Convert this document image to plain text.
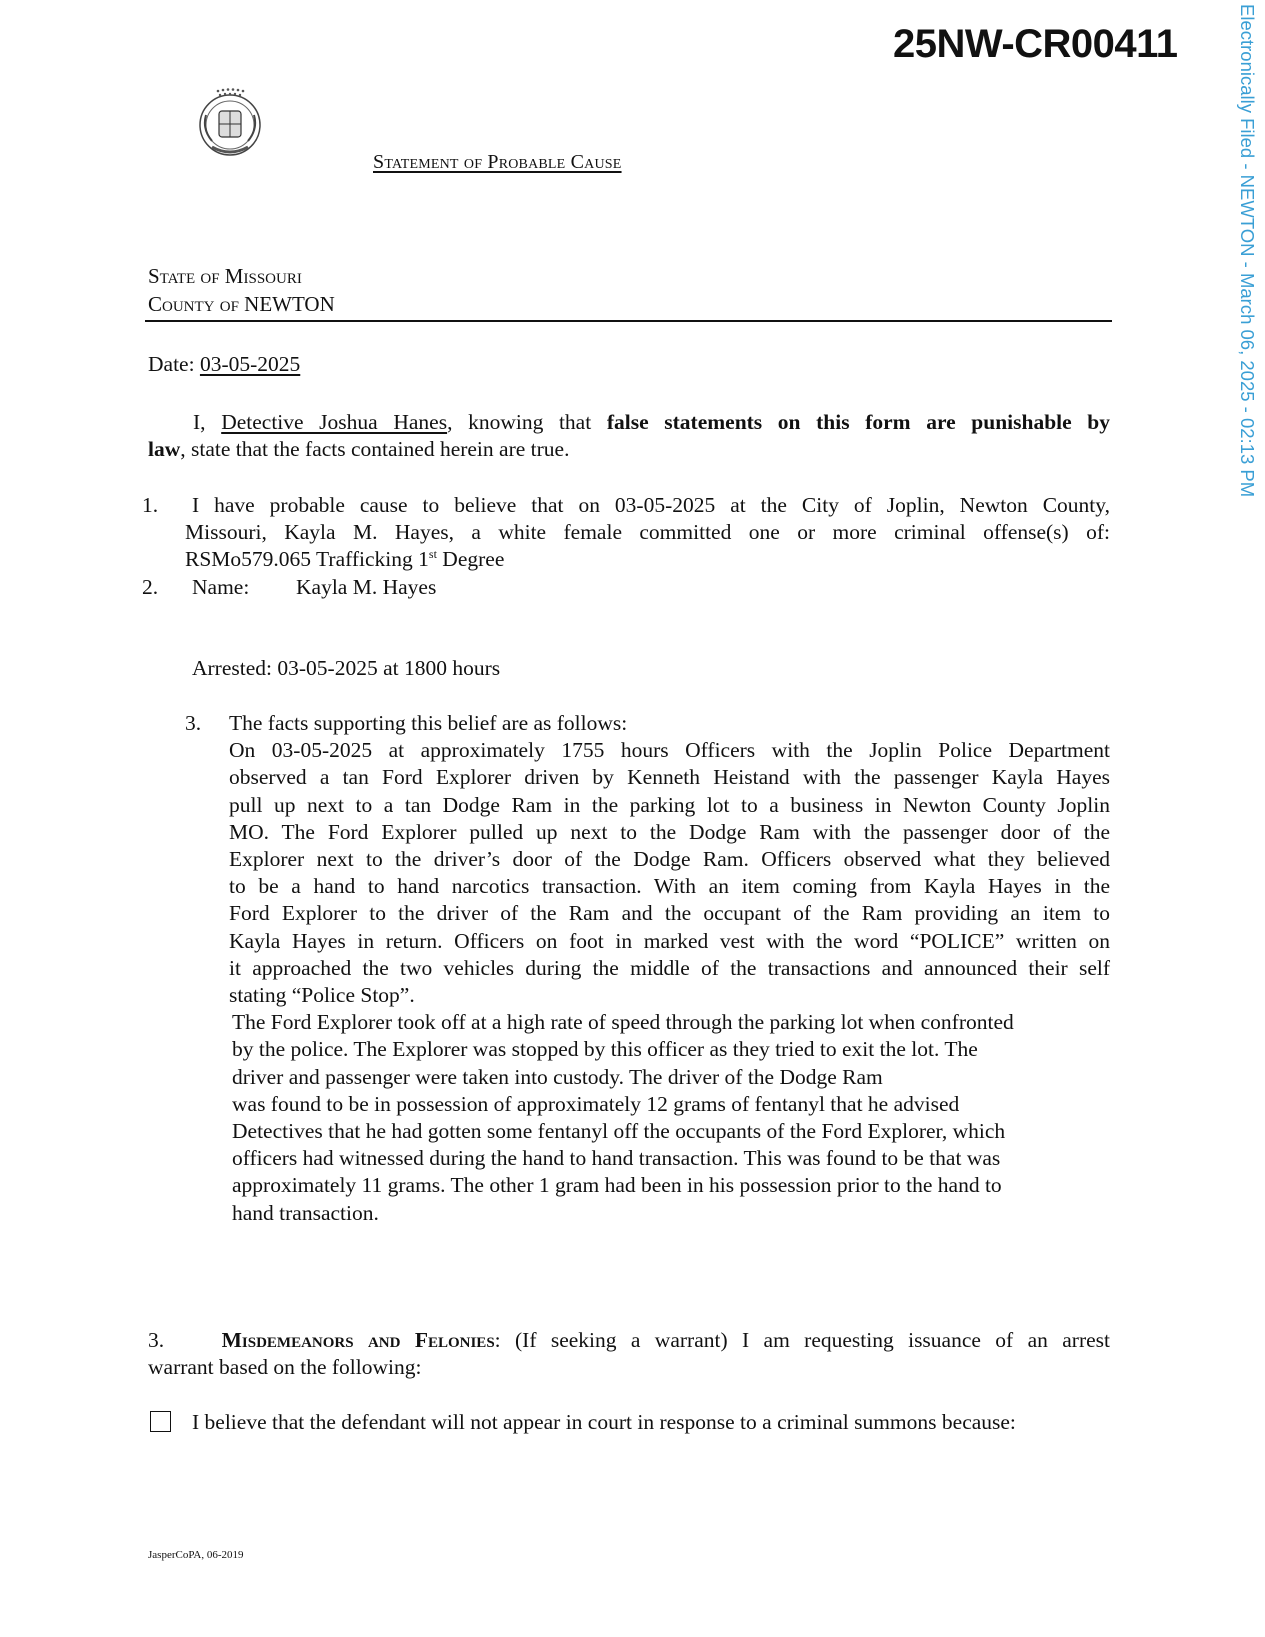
25NW-CR00411	Electronically Filed - NEWTON - March 06, 2025 - 02:13 PM
Statement of Probable Cause
State of Missouri
County of NEWTON
Date: 03-05-2025
I, Detective Joshua Hanes, knowing that false statements on this form are punishable by
law, state that the facts contained herein are true.
1.	I have probable cause to believe that on 03-05-2025 at the City of Joplin, Newton County,
Missouri, Kayla M. Hayes, a white female committed one or more criminal offense(s) of:
RSMo579.065 Trafficking 1st Degree
2. Name: Kayla M. Hayes
Arrested: 03-05-2025 at 1800 hours
3. The facts supporting this belief are as follows:
On 03-05-2025 at approximately 1755 hours Officers with the Joplin Police Department
observed a tan Ford Explorer driven by Kenneth Heistand with the passenger Kayla Hayes
pull up next to a tan Dodge Ram in the parking lot to a business in Newton County Joplin
MO. The Ford Explorer pulled up next to the Dodge Ram with the passenger door of the
Explorer next to the driver’s door of the Dodge Ram. Officers observed what they believed
to be a hand to hand narcotics transaction. With an item coming from Kayla Hayes in the
Ford Explorer to the driver of the Ram and the occupant of the Ram providing an item to
Kayla Hayes in return. Officers on foot in marked vest with the word “POLICE” written on
it approached the two vehicles during the middle of the transactions and announced their self
stating “Police Stop”.
The Ford Explorer took off at a high rate of speed through the parking lot when confronted
by the police. The Explorer was stopped by this officer as they tried to exit the lot. The
driver and passenger were taken into custody. The driver of the Dodge Ram
was found to be in possession of approximately 12 grams of fentanyl that he advised
Detectives that he had gotten some fentanyl off the occupants of the Ford Explorer, which
officers had witnessed during the hand to hand transaction. This was found to be that was
approximately 11 grams. The other 1 gram had been in his possession prior to the hand to
hand transaction.
3.	Misdemeanors and Felonies: (If seeking a warrant) I am requesting issuance of an arrest
warrant based on the following:
I believe that the defendant will not appear in court in response to a criminal summons because:
JasperCoPA, 06-2019
